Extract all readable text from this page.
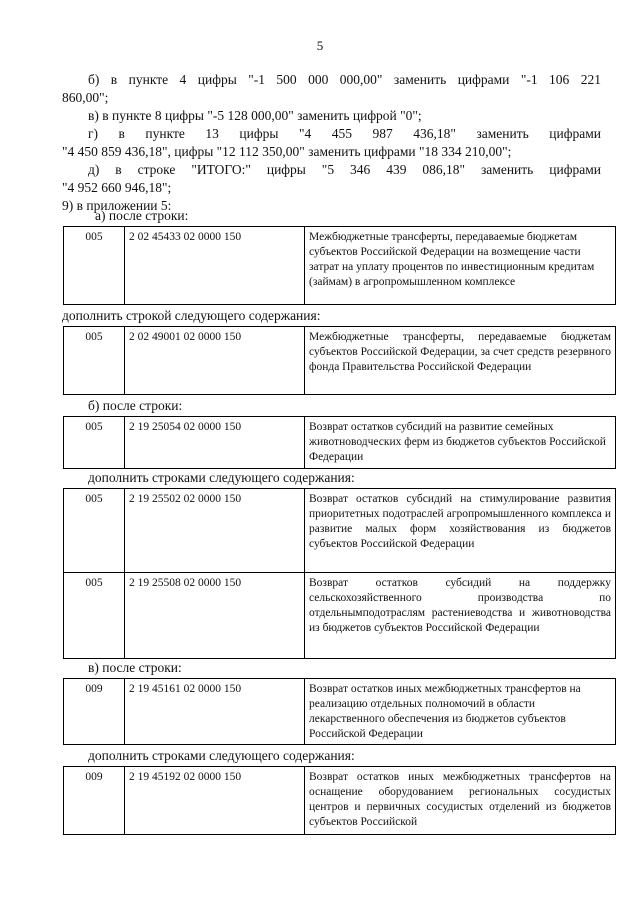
5
б) в пункте 4 цифры "-1 500 000 000,00" заменить цифрами "-1 106 221
860,00";
в) в пункте 8 цифры "-5 128 000,00" заменить цифрой "0";
г) в пункте 13 цифры "4 455 987 436,18" заменить цифрами
"4 450 859 436,18", цифры "12 112 350,00" заменить цифрами "18 334 210,00";
д) в строке "ИТОГО:" цифры "5 346 439 086,18" заменить цифрами
"4 952 660 946,18";
9) в приложении 5:
а) после строки:
005	2 02 45433 02 0000 150	Межбюджетные трансферты, передаваемые бюджетам субъектов Российской Федерации на возмещение части затрат на уплату процентов по инвестиционным кредитам (займам) в агропромышленном комплексе
дополнить строкой следующего содержания:
005	2 02 49001 02 0000 150	Межбюджетные трансферты, передаваемые бюджетам субъектов Российской Федерации, за счет средств резервного фонда Правительства Российской Федерации
б) после строки:
005	2 19 25054 02 0000 150	Возврат остатков субсидий на развитие семейных животноводческих ферм из бюджетов субъектов Российской Федерации
дополнить строками следующего содержания:
005	2 19 25502 02 0000 150	Возврат остатков субсидий на стимулирование развития приоритетных подотраслей агропромышленного комплекса и развитие малых форм хозяйствования из бюджетов субъектов Российской Федерации
005	2 19 25508 02 0000 150	Возврат остатков субсидий на поддержку сельскохозяйственного производства по отдельнымподотраслям растениеводства и животноводства из бюджетов субъектов Российской Федерации
в) после строки:
009	2 19 45161 02 0000 150	Возврат остатков иных межбюджетных трансфертов на реализацию отдельных полномочий в области лекарственного обеспечения из бюджетов субъектов Российской Федерации
дополнить строками следующего содержания:
009	2 19 45192 02 0000 150	Возврат остатков иных межбюджетных трансфертов на оснащение оборудованием региональных сосудистых центров и первичных сосудистых отделений из бюджетов субъектов Российской
